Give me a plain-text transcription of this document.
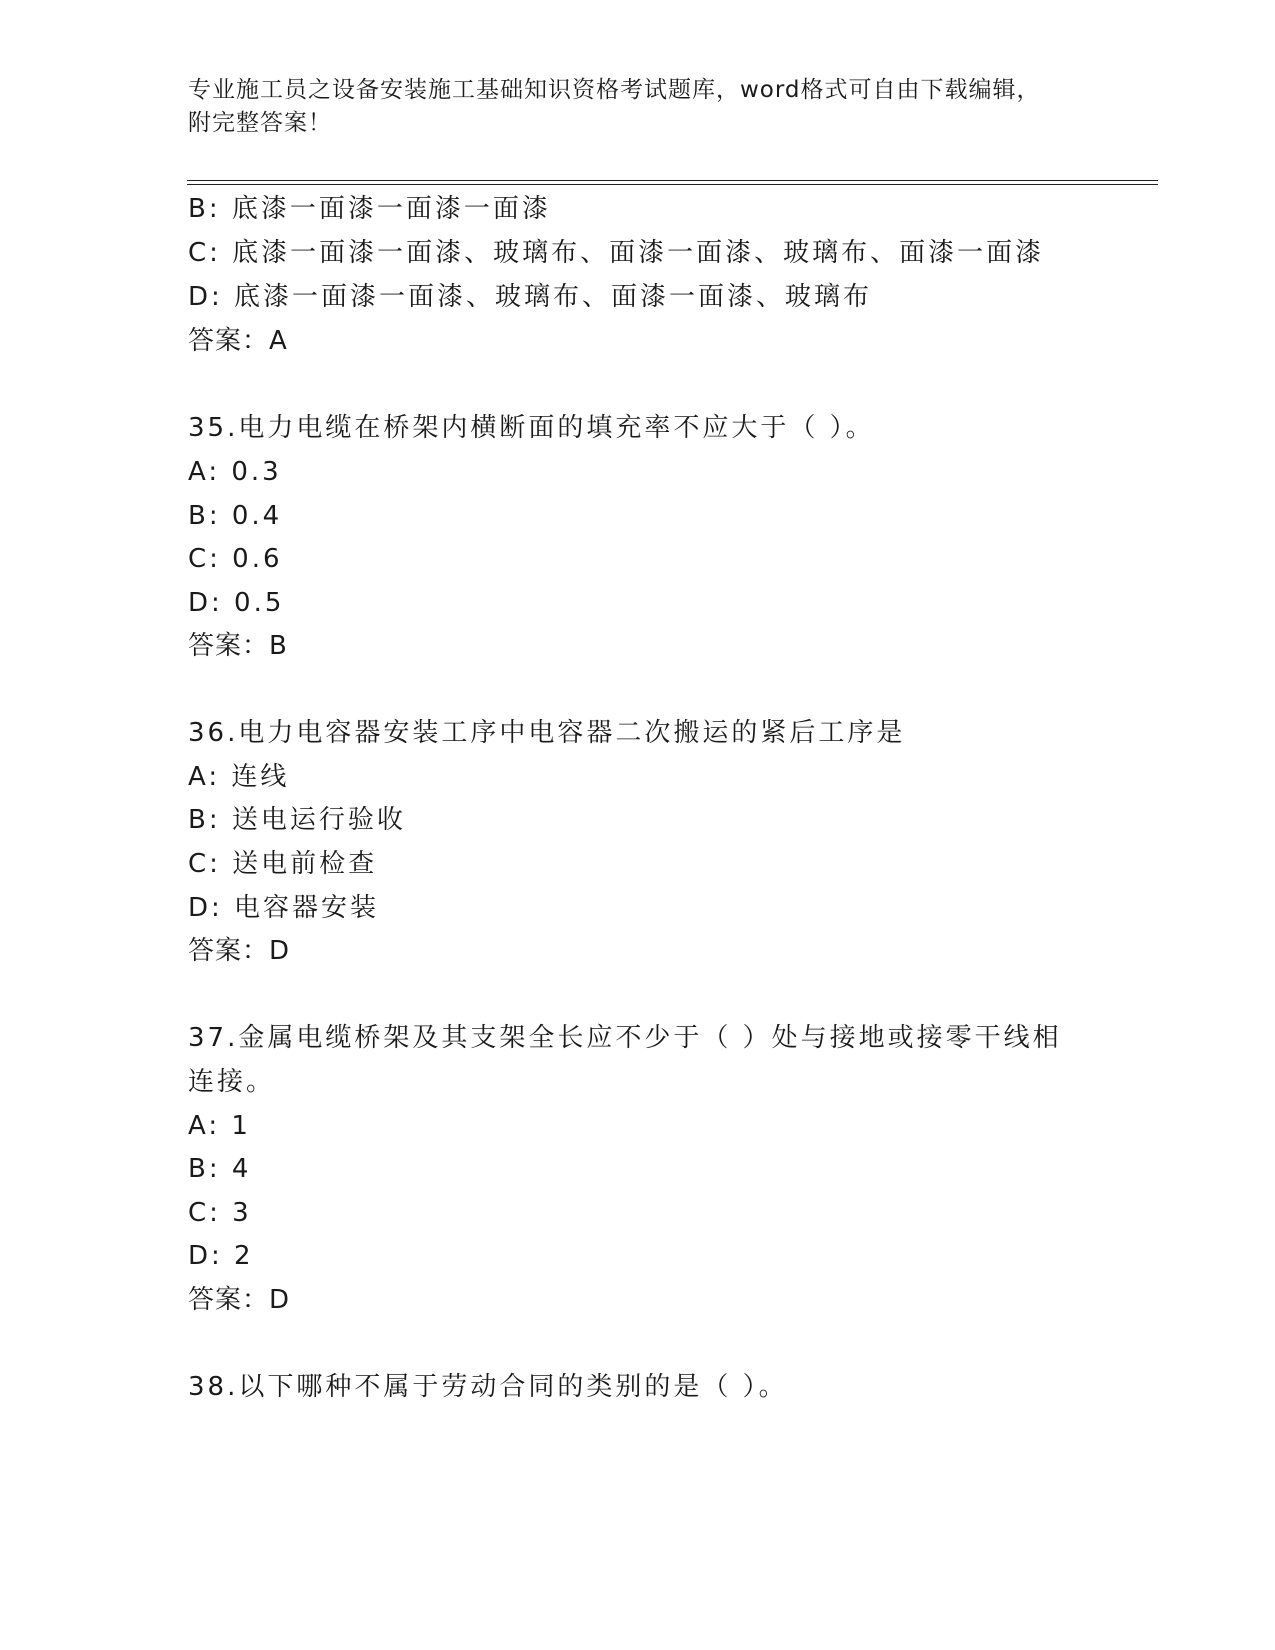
专业施工员之设备安装施工基础知识资格考试题库，word格式可自由下载编辑，
附完整答案！
B: 底漆一面漆一面漆一面漆
C: 底漆一面漆一面漆、玻璃布、面漆一面漆、玻璃布、面漆一面漆
D: 底漆一面漆一面漆、玻璃布、面漆一面漆、玻璃布
答案：A
35.电力电缆在桥架内横断面的填充率不应大于（ ）。
A: 0.3
B: 0.4
C: 0.6
D: 0.5
答案：B
36.电力电容器安装工序中电容器二次搬运的紧后工序是
A: 连线
B: 送电运行验收
C: 送电前检查
D: 电容器安装
答案：D
37.金属电缆桥架及其支架全长应不少于（ ）处与接地或接零干线相
连接。
A: 1
B: 4
C: 3
D: 2
答案：D
38.以下哪种不属于劳动合同的类别的是（ ）。
